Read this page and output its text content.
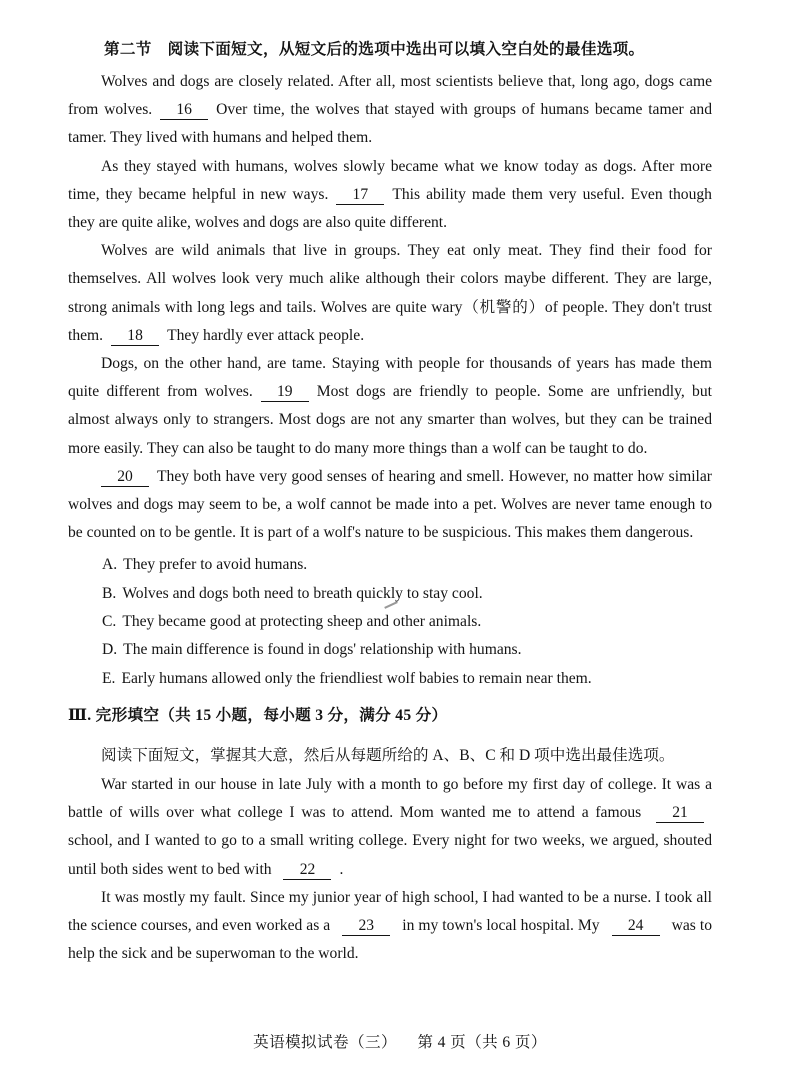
第二节　阅读下面短文，从短文后的选项中选出可以填入空白处的最佳选项。

Wolves and dogs are closely related. After all, most scientists believe that, long ago, dogs came from wolves. 16 Over time, the wolves that stayed with groups of humans became tamer and tamer. They lived with humans and helped them.

As they stayed with humans, wolves slowly became what we know today as dogs. After more time, they became helpful in new ways. 17 This ability made them very useful. Even though they are quite alike, wolves and dogs are also quite different.

Wolves are wild animals that live in groups. They eat only meat. They find their food for themselves. All wolves look very much alike although their colors maybe different. They are large, strong animals with long legs and tails. Wolves are quite wary（机警的）of people. They don't trust them. 18 They hardly ever attack people.

Dogs, on the other hand, are tame. Staying with people for thousands of years has made them quite different from wolves. 19 Most dogs are friendly to people. Some are unfriendly, but almost always only to strangers. Most dogs are not any smarter than wolves, but they can be trained more easily. They can also be taught to do many more things than a wolf can be taught to do.

20 They both have very good senses of hearing and smell. However, no matter how similar wolves and dogs may seem to be, a wolf cannot be made into a pet. Wolves are never tame enough to be counted on to be gentle. It is part of a wolf's nature to be suspicious. This makes them dangerous.

A. They prefer to avoid humans.
B. Wolves and dogs both need to breath quickly to stay cool.
C. They became good at protecting sheep and other animals.
D. The main difference is found in dogs' relationship with humans.
E. Early humans allowed only the friendliest wolf babies to remain near them.
Ⅲ. 完形填空（共 15 小题，每小题 3 分，满分 45 分）

阅读下面短文，掌握其大意，然后从每题所给的 A、B、C 和 D 项中选出最佳选项。

War started in our house in late July with a month to go before my first day of college. It was a battle of wills over what college I was to attend. Mom wanted me to attend a famous 21 school, and I wanted to go to a small writing college. Every night for two weeks, we argued, shouted until both sides went to bed with 22 .

It was mostly my fault. Since my junior year of high school, I had wanted to be a nurse. I took all the science courses, and even worked as a 23 in my town's local hospital. My 24 was to help the sick and be superwoman to the world.

英语模拟试卷（三） 第 4 页（共 6 页）
